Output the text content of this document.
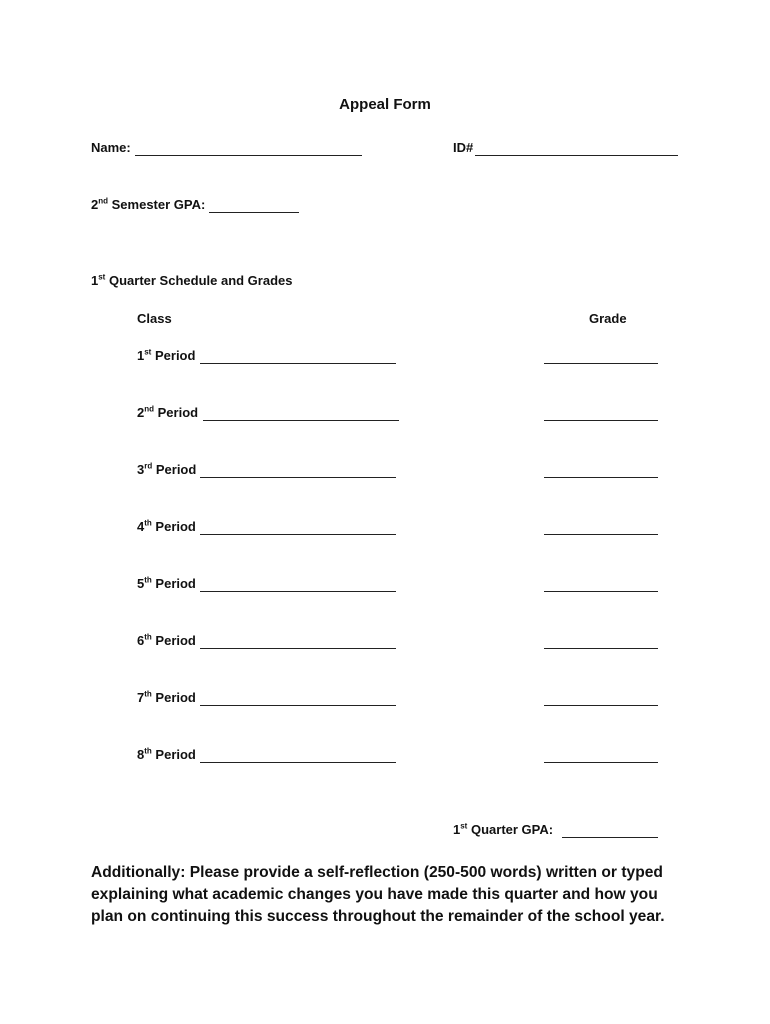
Appeal Form
Name:	ID#
2nd Semester GPA:
1st Quarter Schedule and Grades
Class	Grade
1st Period
2nd Period
3rd Period
4th Period
5th Period
6th Period
7th Period
8th Period
1st Quarter GPA:
Additionally: Please provide a self-reflection (250-500 words) written or typed explaining what academic changes you have made this quarter and how you plan on continuing this success throughout the remainder of the school year.
